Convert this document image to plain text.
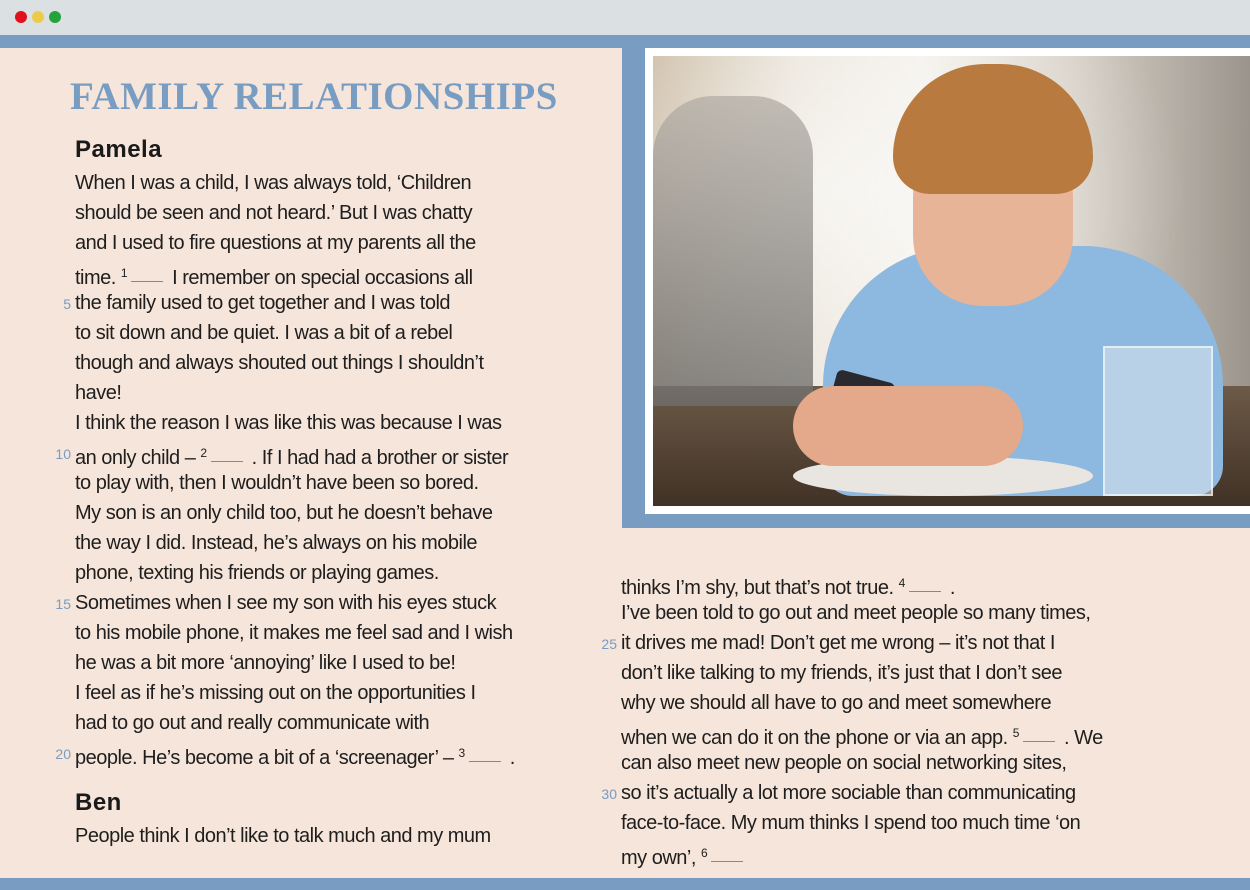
FAMILY RELATIONSHIPS
Pamela
When I was a child, I was always told, ‘Children
should be seen and not heard.’ But I was chatty
and I used to fire questions at my parents all the
time. $^1$ I remember on special occasions all
the family used to get together and I was told
5
to sit down and be quiet. I was a bit of a rebel
though and always shouted out things I shouldn’t
have!
I think the reason I was like this was because I was
an only child – $^2$ . If I had had a brother or sister
10
to play with, then I wouldn’t have been so bored.
My son is an only child too, but he doesn’t behave
the way I did. Instead, he’s always on his mobile
phone, texting his friends or playing games.
Sometimes when I see my son with his eyes stuck
15
to his mobile phone, it makes me feel sad and I wish
he was a bit more ‘annoying’ like I used to be!
I feel as if he’s missing out on the opportunities I
had to go out and really communicate with
people. He’s become a bit of a ‘screenager’ – $^3$ .
20
Ben
People think I don’t like to talk much and my mum
thinks I’m shy, but that’s not true. $^4$ .
I’ve been told to go out and meet people so many times,
it drives me mad! Don’t get me wrong – it’s not that I
25
don’t like talking to my friends, it’s just that I don’t see
why we should all have to go and meet somewhere
when we can do it on the phone or via an app. $^5$ . We
can also meet new people on social networking sites,
so it’s actually a lot more sociable than communicating
30
face-to-face. My mum thinks I spend too much time ‘on
my own’, $^6$
